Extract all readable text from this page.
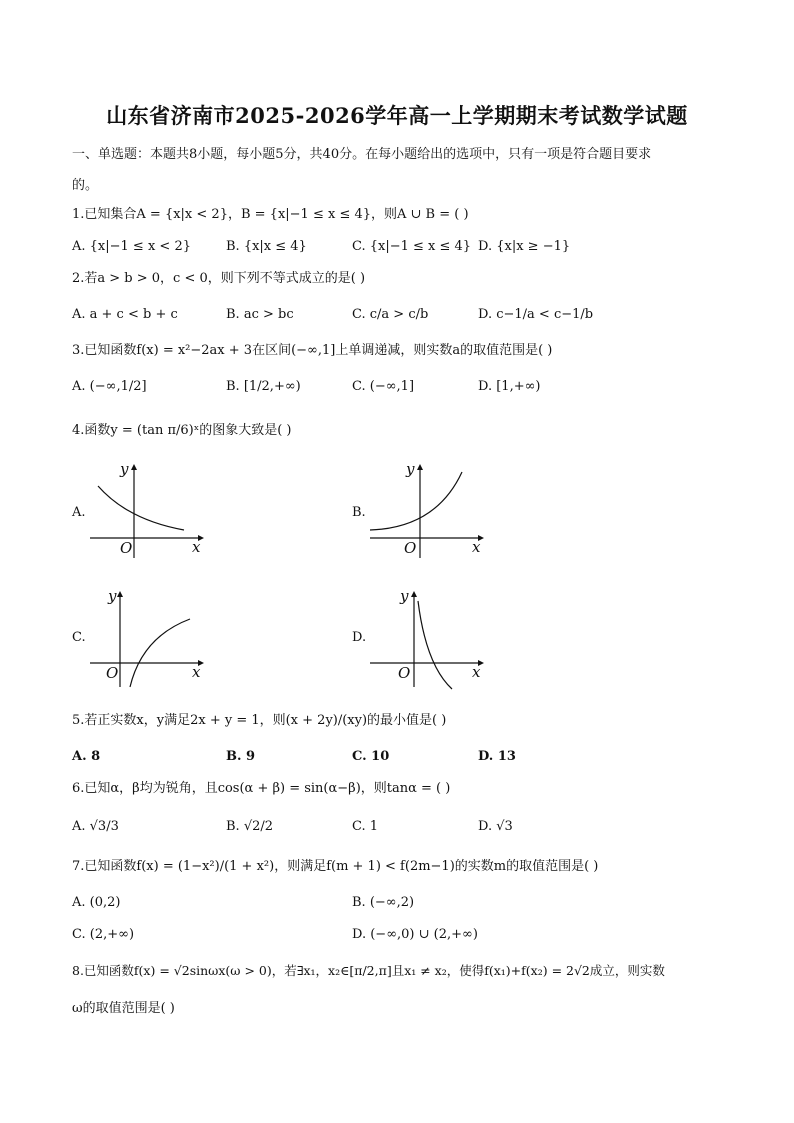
山东省济南市2025-2026学年高一上学期期末考试数学试题
一、单选题：本题共8小题，每小题5分，共40分。在每小题给出的选项中，只有一项是符合题目要求
的。
1.已知集合A = {x|x < 2}，B = {x|−1 ≤ x ≤ 4}，则A ∪ B = ( )
A. {x|−1 ≤ x < 2}	B. {x|x ≤ 4}	C. {x|−1 ≤ x ≤ 4} D. {x|x ≥ −1}
2.若a > b > 0，c < 0，则下列不等式成立的是( )
A. a + c < b + c	B. ac > bc	C. c/a > c/b	D. c−1/a < c−1/b
3.已知函数f(x) = x²−2ax + 3在区间(−∞,1]上单调递减，则实数a的取值范围是( )
A. (−∞,1/2]	B. [1/2,+∞)	C. (−∞,1]	D. [1,+∞)
4.函数y = (tan π/6)ˣ的图象大致是( )
A.	B.
C.	D.
y
x
O
y
x
O
y
x
O
y
x
O
5.若正实数x，y满足2x + y = 1，则(x + 2y)/(xy)的最小值是( )
A. 8	B. 9	C. 10	D. 13
6.已知α，β均为锐角，且cos(α + β) = sin(α−β)，则tanα = ( )
A. √3/3	B. √2/2	C. 1	D. √3
7.已知函数f(x) = (1−x²)/(1 + x²)，则满足f(m + 1) < f(2m−1)的实数m的取值范围是( )
A. (0,2)	B. (−∞,2)
C. (2,+∞)	D. (−∞,0) ∪ (2,+∞)
8.已知函数f(x) = √2sinωx(ω > 0)，若∃x₁，x₂∈[π/2,π]且x₁ ≠ x₂，使得f(x₁)+f(x₂) = 2√2成立，则实数
ω的取值范围是( )
